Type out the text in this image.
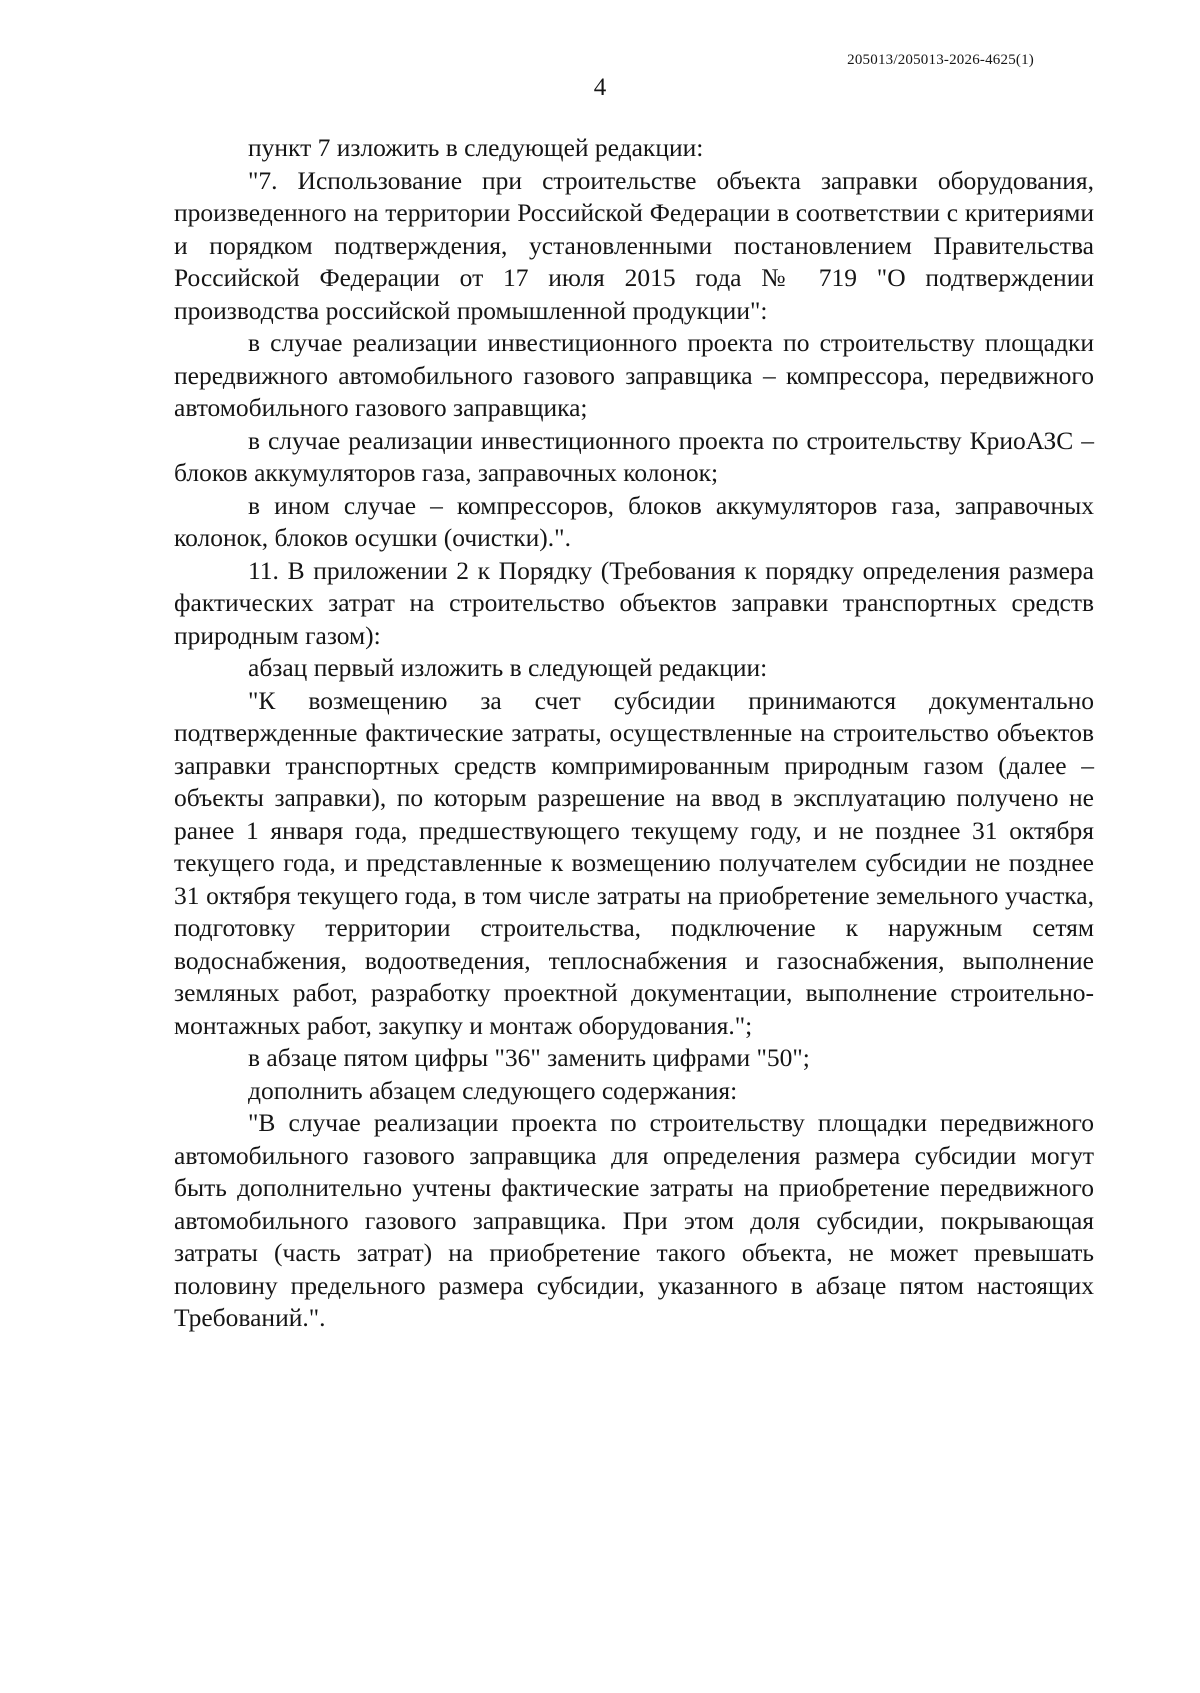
205013/205013-2026-4625(1)
4

пункт 7 изложить в следующей редакции:

"7. Использование при строительстве объекта заправки оборудования, произведенного на территории Российской Федерации в соответствии с критериями и порядком подтверждения, установленными постановлением Правительства Российской Федерации от 17 июля 2015 года № 719 "О подтверждении производства российской промышленной продукции":

в случае реализации инвестиционного проекта по строительству площадки передвижного автомобильного газового заправщика – компрессора, передвижного автомобильного газового заправщика;

в случае реализации инвестиционного проекта по строительству КриоАЗС – блоков аккумуляторов газа, заправочных колонок;

в ином случае – компрессоров, блоков аккумуляторов газа, заправочных колонок, блоков осушки (очистки).".

11. В приложении 2 к Порядку (Требования к порядку определения размера фактических затрат на строительство объектов заправки транспортных средств природным газом):

абзац первый изложить в следующей редакции:

"К возмещению за счет субсидии принимаются документально подтвержденные фактические затраты, осуществленные на строительство объектов заправки транспортных средств компримированным природным газом (далее – объекты заправки), по которым разрешение на ввод в эксплуатацию получено не ранее 1 января года, предшествующего текущему году, и не позднее 31 октября текущего года, и представленные к возмещению получателем субсидии не позднее 31 октября текущего года, в том числе затраты на приобретение земельного участка, подготовку территории строительства, подключение к наружным сетям водоснабжения, водоотведения, теплоснабжения и газоснабжения, выполнение земляных работ, разработку проектной документации, выполнение строительно-монтажных работ, закупку и монтаж оборудования.";

в абзаце пятом цифры "36" заменить цифрами "50";

дополнить абзацем следующего содержания:

"В случае реализации проекта по строительству площадки передвижного автомобильного газового заправщика для определения размера субсидии могут быть дополнительно учтены фактические затраты на приобретение передвижного автомобильного газового заправщика. При этом доля субсидии, покрывающая затраты (часть затрат) на приобретение такого объекта, не может превышать половину предельного размера субсидии, указанного в абзаце пятом настоящих Требований.".
